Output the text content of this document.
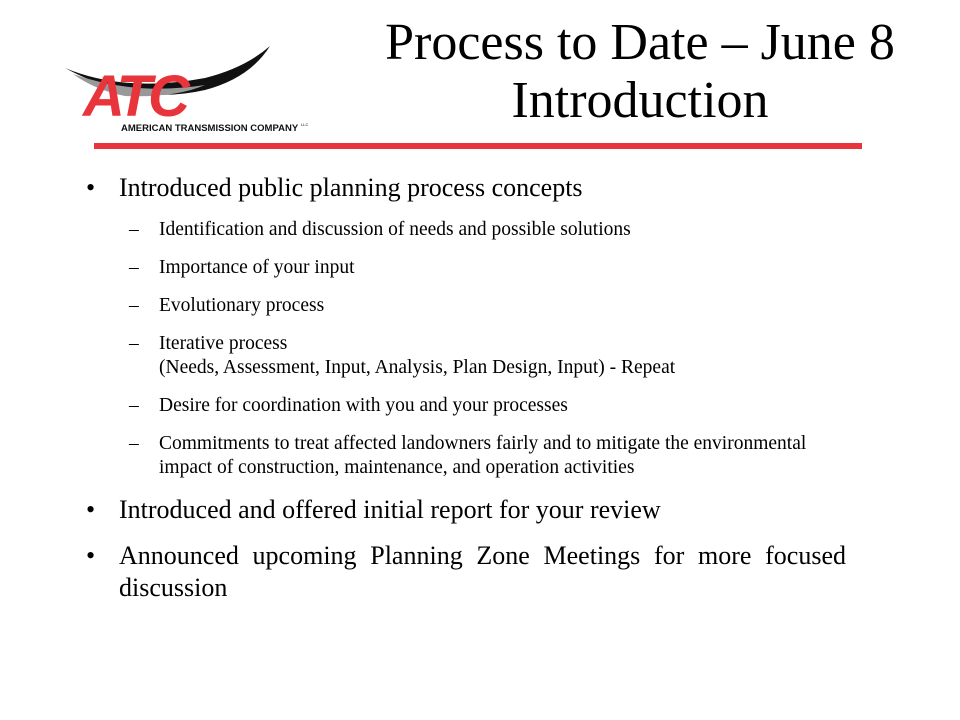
ATC
AMERICAN TRANSMISSION COMPANY LLC
Process to Date – June 8
Introduction
• Introduced public planning process concepts
– Identification and discussion of needs and possible solutions
– Importance of your input
– Evolutionary process
– Iterative process
(Needs, Assessment, Input, Analysis, Plan Design, Input) - Repeat
– Desire for coordination with you and your processes
– Commitments to treat affected landowners fairly and to mitigate the environmental impact of construction, maintenance, and operation activities
• Introduced and offered initial report for your review
• Announced upcoming Planning Zone Meetings for more focused discussion
